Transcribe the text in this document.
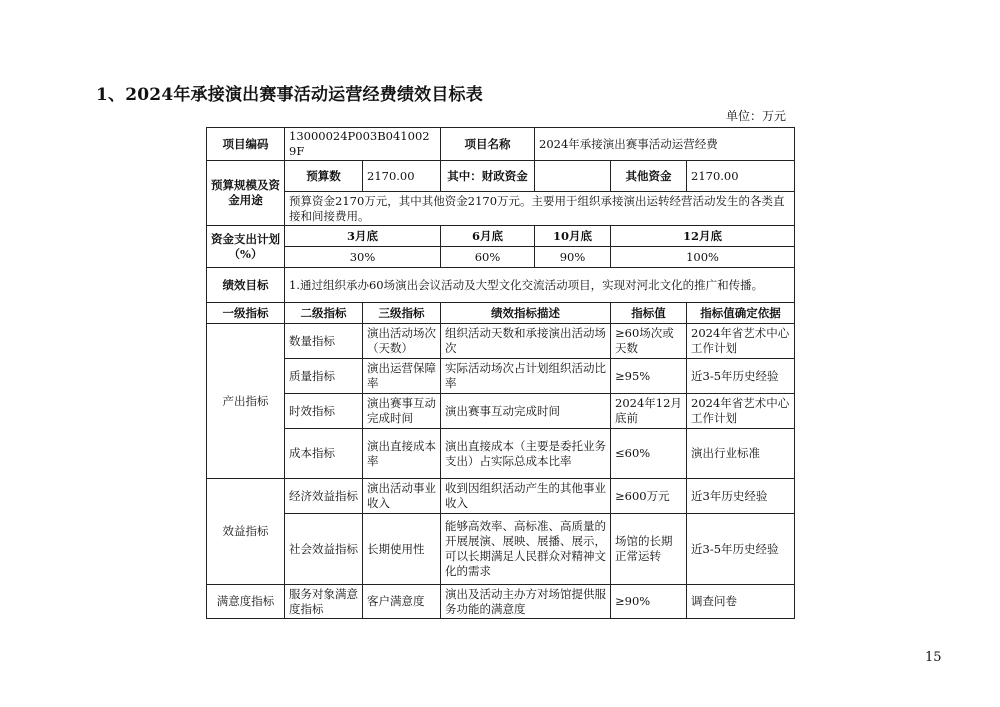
1、2024年承接演出赛事活动运营经费绩效目标表
单位：万元
项目编码	13000024P003B0410029F		项目名称	2024年承接演出赛事活动运营经费		
预算规模及资金用途	预算数	2170.00	其中：财政资金		其他资金	2170.00
	预算资金2170万元，其中其他资金2170万元。主要用于组织承接演出运转经营活动发生的各类直接和间接费用。					
资金支出计划（%）	3月底		6月底	10月底	12月底	
	30%		60%	90%	100%	
绩效目标	1.通过组织承办60场演出会议活动及大型文化交流活动项目，实现对河北文化的推广和传播。					
一级指标	二级指标	三级指标	绩效指标描述		指标值	指标值确定依据
产出指标	数量指标	演出活动场次（天数）	组织活动天数和承接演出活动场次		≥60场次或天数	2024年省艺术中心工作计划
	质量指标	演出运营保障率	实际活动场次占计划组织活动比率		≥95%	近3-5年历史经验
	时效指标	演出赛事互动完成时间	演出赛事互动完成时间		2024年12月底前	2024年省艺术中心工作计划
	成本指标	演出直接成本率	演出直接成本（主要是委托业务支出）占实际总成本比率		≤60%	演出行业标准
效益指标	经济效益指标	演出活动事业收入	收到因组织活动产生的其他事业收入		≥600万元	近3年历史经验
	社会效益指标	长期使用性	能够高效率、高标准、高质量的开展展演、展映、展播、展示，可以长期满足人民群众对精神文化的需求		场馆的长期正常运转	近3-5年历史经验
满意度指标	服务对象满意度指标	客户满意度	演出及活动主办方对场馆提供服务功能的满意度		≥90%	调查问卷
15
